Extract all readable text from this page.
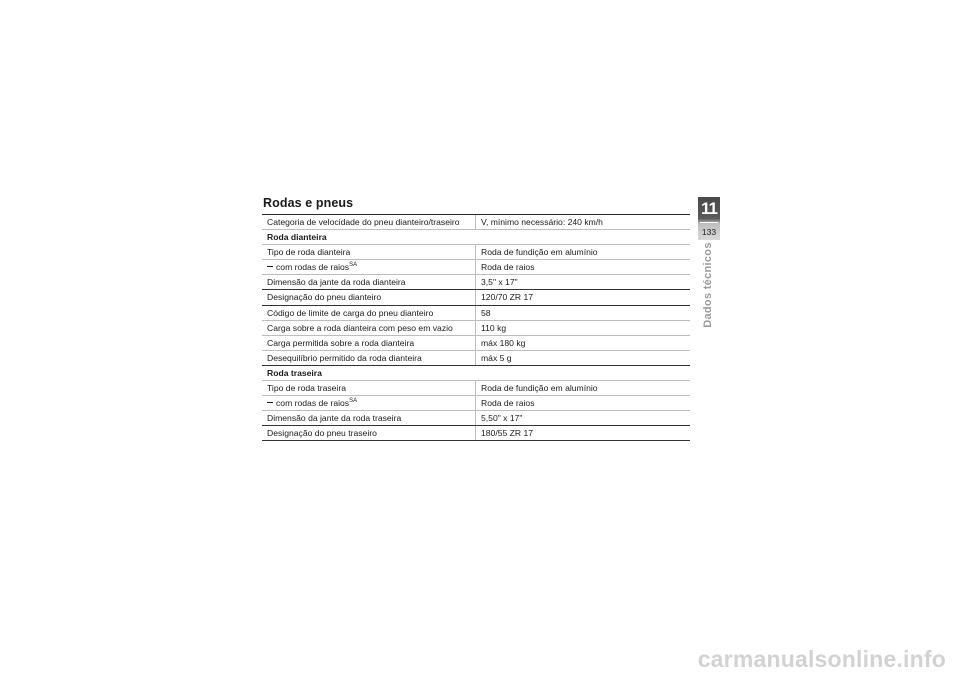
Rodas e pneus
Categoria de velocidade do pneu dianteiro/traseiro	V, mínimo necessário: 240 km/h
Roda dianteira
Tipo de roda dianteira	Roda de fundição em alumínio
com rodas de raios$^{SA}$	Roda de raios
Dimensão da jante da roda dianteira	3,5" x 17"
Designação do pneu dianteiro	120/70 ZR 17
Código de limite de carga do pneu dianteiro	58
Carga sobre a roda dianteira com peso em vazio	110 kg
Carga permitida sobre a roda dianteira	máx 180 kg
Desequilíbrio permitido da roda dianteira	máx 5 g
Roda traseira
Tipo de roda traseira	Roda de fundição em alumínio
com rodas de raios$^{SA}$	Roda de raios
Dimensão da jante da roda traseira	5,50" x 17"
Designação do pneu traseiro	180/55 ZR 17
11
133
Dados técnicos
carmanualsonline.info
